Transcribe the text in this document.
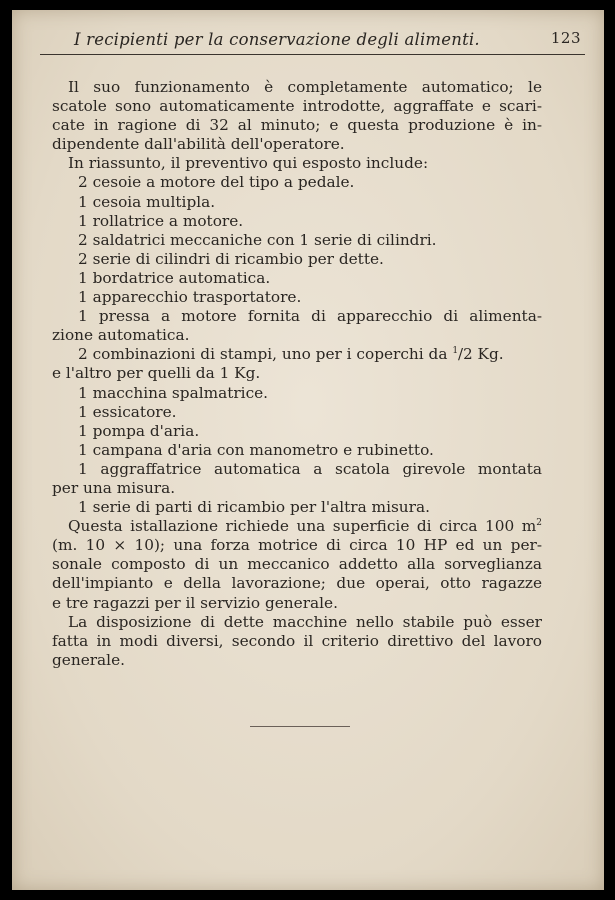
I recipienti per la conservazione degli alimenti.	123
Il suo funzionamento è completamente automatico; le
scatole sono automaticamente introdotte, aggraffate e scari-
cate in ragione di 32 al minuto; e questa produzione è in-
dipendente dall'abilità dell'operatore.
In riassunto, il preventivo qui esposto include:
2 cesoie a motore del tipo a pedale.
1 cesoia multipla.
1 rollatrice a motore.
2 saldatrici meccaniche con 1 serie di cilindri.
2 serie di cilindri di ricambio per dette.
1 bordatrice automatica.
1 apparecchio trasportatore.
1 pressa a motore fornita di apparecchio di alimenta-
zione automatica.
2 combinazioni di stampi, uno per i coperchi da $^1$/2 Kg.
e l'altro per quelli da 1 Kg.
1 macchina spalmatrice.
1 essicatore.
1 pompa d'aria.
1 campana d'aria con manometro e rubinetto.
1 aggraffatrice automatica a scatola girevole montata
per una misura.
1 serie di parti di ricambio per l'altra misura.
Questa istallazione richiede una superficie di circa 100 $m^2$
(m. 10 × 10); una forza motrice di circa 10 HP ed un per-
sonale composto di un meccanico addetto alla sorveglianza
dell'impianto e della lavorazione; due operai, otto ragazze
e tre ragazzi per il servizio generale.
La disposizione di dette macchine nello stabile può esser
fatta in modi diversi, secondo il criterio direttivo del lavoro
generale.
